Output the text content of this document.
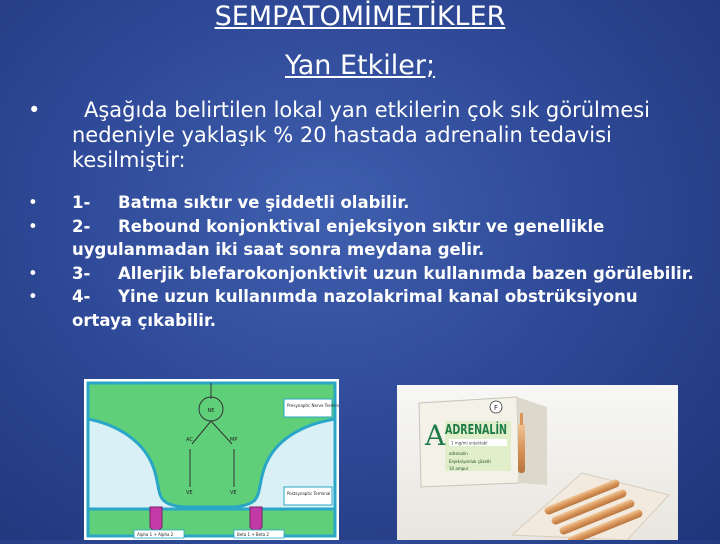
SEMPATOMİMETİKLER
Yan Etkiler;
•	Aşağıda belirtilen lokal yan etkilerin çok sık görülmesi nedeniyle yaklaşık % 20 hastada adrenalin tedavisi kesilmiştir:
• 1- Batma sıktır ve şiddetli olabilir.
• 2- Rebound konjonktival enjeksiyon sıktır ve genellikle uygulanmadan iki saat sonra meydana gelir.
• 3- Allerjik blefarokonjonktivit uzun kullanımda bazen görülebilir.
• 4- Yine uzun kullanımda nazolakrimal kanal obstrüksiyonu ortaya çıkabilir.
NE
AC	MP
VE	VE
Presynaptic Nerve Terminal
Postsynaptic Terminal
Alpha 1 + Alpha 2	Beta 1 + Beta 2
A ADRENALİN
F
1 mg/ml enjektabl
adrenalin
Enjeksiyonluk çözelti
10 ampul
